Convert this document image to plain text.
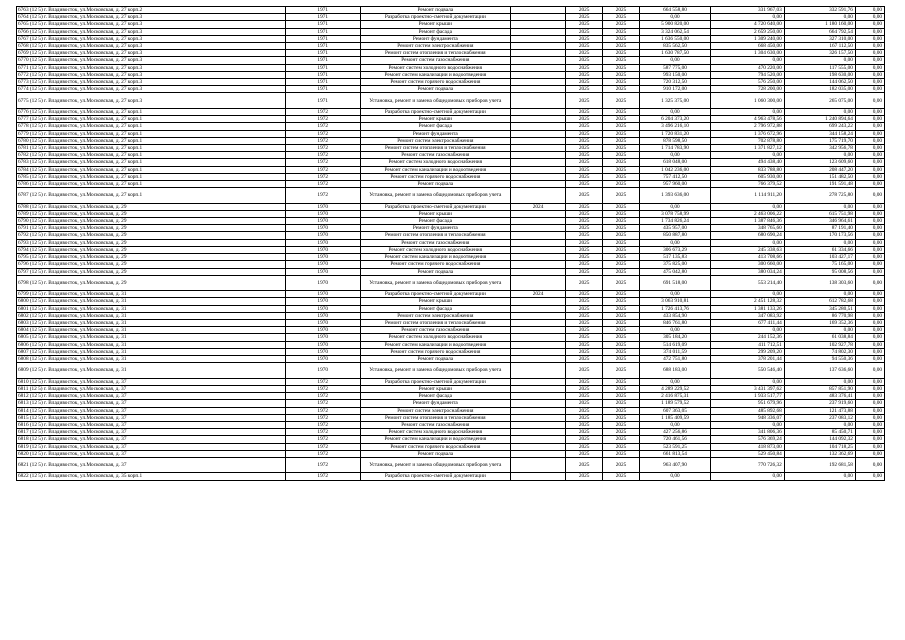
6763 (12 5) г. Владивосток, ул.Московская, д. 27 корп.2	1971	Ремонт подвала		2025	2025	664 558,80	331 967,03	332 591,76	0,00
6764 (12 5) г. Владивосток, ул.Московская, д. 27 корп.3	1971	Разработка проектно-сметной документации		2025	2025	0,00	0,00	0,00	0,00
6765 (12 5) г. Владивосток, ул.Московская, д. 27 корп.3	1971	Ремонт крыши		2025	2025	5 900 820,00	4 720 640,00	1 180 160,00	0,00
6766 (12 5) г. Владивосток, ул.Московская, д. 27 корп.3	1971	Ремонт фасада		2025	2025	3 324 062,54	2 659 250,00	664 792,54	0,00
6767 (12 5) г. Владивосток, ул.Московская, д. 27 корп.3	1971	Ремонт фундамента		2025	2025	1 636 550,00	1 309 240,00	327 310,00	0,00
6768 (12 5) г. Владивосток, ул.Московская, д. 27 корп.3	1971	Ремонт систем электроснабжения		2025	2025	835 562,50	668 450,00	167 112,50	0,00
6769 (12 5) г. Владивосток, ул.Московская, д. 27 корп.3	1971	Ремонт систем отопления и теплоснабжения		2025	2025	1 630 787,50	1 304 630,00	326 157,50	0,00
6770 (12 5) г. Владивосток, ул.Московская, д. 27 корп.3	1971	Ремонт систем газоснабжения		2025	2025	0,00	0,00	0,00	0,00
6771 (12 5) г. Владивосток, ул.Московская, д. 27 корп.3	1971	Ремонт систем холодного водоснабжения		2025	2025	587 775,00	470 220,00	117 555,00	0,00
6772 (12 5) г. Владивосток, ул.Московская, д. 27 корп.3	1971	Ремонт систем канализации и водоотведения		2025	2025	993 150,00	794 520,00	198 630,00	0,00
6773 (12 5) г. Владивосток, ул.Московская, д. 27 корп.3	1971	Ремонт систем горячего водоснабжения		2025	2025	720 312,50	576 250,00	144 062,50	0,00
6774 (12 5) г. Владивосток, ул.Московская, д. 27 корп.3	1971	Ремонт подвала		2025	2025	910 172,00	728 200,00	182 035,00	0,00
6775 (12 5) г. Владивосток, ул.Московская, д. 27 корп.3	1971	Установка, ремонт и замена общедомовых приборов учета		2025	2025	1 325 375,00	1 060 300,00	265 075,00	0,00
6776 (12 5) г. Владивосток, ул.Московская, д. 27 корп.1	1972	Разработка проектно-сметной документации		2025	2025	0,00	0,00	0,00	0,00
6777 (12 5) г. Владивосток, ул.Московская, д. 27 корп.1	1972	Ремонт крыши		2025	2025	6 204 373,20	4 963 478,56	1 240 894,64	0,00
6778 (12 5) г. Владивосток, ул.Московская, д. 27 корп.1	1972	Ремонт фасада		2025	2025	3 496 216,10	2 796 972,88	699 243,22	0,00
6779 (12 5) г. Владивосток, ул.Московская, д. 27 корп.1	1972	Ремонт фундамента		2025	2025	1 720 831,20	1 376 672,96	344 158,24	0,00
6780 (12 5) г. Владивосток, ул.Московская, д. 27 корп.1	1972	Ремонт систем электроснабжения		2025	2025	878 598,50	702 878,80	175 719,70	0,00
6781 (12 5) г. Владивосток, ул.Московская, д. 27 корп.1	1972	Ремонт систем отопления и теплоснабжения		2025	2025	1 714 783,90	1 371 827,12	342 956,78	0,00
6782 (12 5) г. Владивосток, ул.Московская, д. 27 корп.1	1972	Ремонт систем газоснабжения		2025	2025	0,00	0,00	0,00	0,00
6783 (12 5) г. Владивосток, ул.Московская, д. 27 корп.1	1972	Ремонт систем холодного водоснабжения		2025	2025	618 048,00	494 438,40	123 609,60	0,00
6784 (12 5) г. Владивосток, ул.Московская, д. 27 корп.1	1972	Ремонт систем канализации и водоотведения		2025	2025	1 042 236,00	833 788,80	208 447,20	0,00
6785 (12 5) г. Владивосток, ул.Московская, д. 27 корп.1	1972	Ремонт систем горячего водоснабжения		2025	2025	757 412,50	605 930,00	151 482,50	0,00
6786 (12 5) г. Владивосток, ул.Московская, д. 27 корп.1	1972	Ремонт подвала		2025	2025	957 960,00	766 379,52	191 591,48	0,00
6787 (12 5) г. Владивосток, ул.Московская, д. 27 корп.1	1972	Установка, ремонт и замена общедомовых приборов учета		2025	2025	1 393 636,00	1 114 911,20	278 725,80	0,00
6788 (12 5) г. Владивосток, ул.Московская, д. 29	1970	Разработка проектно-сметной документации	2024	2025	2025	0,00	0,00	0,00	0,00
6789 (12 5) г. Владивосток, ул.Московская, д. 29	1970	Ремонт крыши		2025	2025	3 078 758,99	2 463 006,22	615 751,98	0,00
6790 (12 5) г. Владивосток, ул.Московская, д. 29	1970	Ремонт фасада		2025	2025	1 734 826,24	1 387 846,36	346 964,61	0,00
6791 (12 5) г. Владивосток, ул.Московская, д. 29	1970	Ремонт фундамента		2025	2025	435 957,00	348 765,60	87 191,40	0,00
6792 (12 5) г. Владивосток, ул.Московская, д. 29	1970	Ремонт систем отопления и теплоснабжения		2025	2025	850 887,80	680 690,24	170 173,56	0,00
6793 (12 5) г. Владивосток, ул.Московская, д. 29	1970	Ремонт систем газоснабжения		2025	2025	0,00	0,00	0,00	0,00
6794 (12 5) г. Владивосток, ул.Московская, д. 29	1970	Ремонт систем холодного водоснабжения		2025	2025	306 673,29	245 338,63	61 334,66	0,00
6795 (12 5) г. Владивосток, ул.Московская, д. 29	1970	Ремонт систем канализации и водоотведения		2025	2025	517 135,83	413 708,66	103 427,17	0,00
6796 (12 5) г. Владивосток, ул.Московская, д. 29	1970	Ремонт систем горячего водоснабжения		2025	2025	375 825,00	300 660,00	75 165,00	0,00
6797 (12 5) г. Владивосток, ул.Московская, д. 29	1970	Ремонт подвала		2025	2025	475 042,80	380 034,24	95 008,56	0,00
6798 (12 5) г. Владивосток, ул.Московская, д. 29	1970	Установка, ремонт и замена общедомовых приборов учета		2025	2025	691 518,00	553 214,40	138 303,60	0,00
6799 (12 5) г. Владивосток, ул.Московская, д. 31	1970	Разработка проектно-сметной документации	2024	2025	2025	0,00	0,00	0,00	0,00
6800 (12 5) г. Владивосток, ул.Московская, д. 31	1970	Ремонт крыши		2025	2025	3 063 910,81	2 451 128,32	612 782,68	0,00
6801 (12 5) г. Владивосток, ул.Московская, д. 31	1970	Ремонт фасада		2025	2025	1 726 413,76	1 381 133,26	345 280,51	0,00
6802 (12 5) г. Владивосток, ул.Московская, д. 31	1970	Ремонт систем электроснабжения		2025	2025	433 854,90	347 083,92	86 770,98	0,00
6803 (12 5) г. Владивосток, ул.Московская, д. 31	1970	Ремонт систем отопления и теплоснабжения		2025	2025	846 761,80	677 411,44	169 352,36	0,00
6804 (12 5) г. Владивосток, ул.Московская, д. 31	1970	Ремонт систем газоснабжения		2025	2025	0,00	0,00	0,00	0,00
6805 (12 5) г. Владивосток, ул.Московская, д. 31	1970	Ремонт систем холодного водоснабжения		2025	2025	305 184,20	244 152,36	61 038,84	0,00
6806 (12 5) г. Владивосток, ул.Московская, д. 31	1970	Ремонт систем канализации и водоотведения		2025	2025	514 619,09	411 712,51	102 927,78	0,00
6807 (12 5) г. Владивосток, ул.Московская, д. 31	1970	Ремонт систем горячего водоснабжения		2025	2025	374 011,59	299 209,20	74 802,30	0,00
6808 (12 5) г. Владивосток, ул.Московская, д. 31	1970	Ремонт подвала		2025	2025	472 751,80	378 201,44	94 550,36	0,00
6809 (12 5) г. Владивосток, ул.Московская, д. 31	1970	Установка, ремонт и замена общедомовых приборов учета		2025	2025	688 183,00	550 546,40	137 636,60	0,00
6810 (12 5) г. Владивосток, ул.Московская, д. 37	1972	Разработка проектно-сметной документации		2025	2025	0,00	0,00	0,00	0,00
6811 (12 5) г. Владивосток, ул.Московская, д. 37	1972	Ремонт крыши		2025	2025	4 289 229,52	3 431 397,62	857 851,90	0,00
6812 (12 5) г. Владивосток, ул.Московская, д. 37	1972	Ремонт фасада		2025	2025	2 416 875,31	1 933 517,77	483 376,41	0,00
6813 (12 5) г. Владивосток, ул.Московская, д. 37	1972	Ремонт фундамента		2025	2025	1 189 579,52	951 679,96	237 919,60	0,00
6814 (12 5) г. Владивосток, ул.Московская, д. 37	1972	Ремонт систем электроснабжения		2025	2025	607 363,05	485 892,68	121 473,88	0,00
6815 (12 5) г. Владивосток, ул.Московская, д. 37	1972	Ремонт систем отопления и теплоснабжения		2025	2025	1 185 409,59	948 336,07	237 083,12	0,00
6816 (12 5) г. Владивосток, ул.Московская, д. 37	1972	Ремонт систем газоснабжения		2025	2025	0,00	0,00	0,00	0,00
6817 (12 5) г. Владивосток, ул.Московская, д. 37	1972	Ремонт систем холодного водоснабжения		2025	2025	427 256,86	341 806,36	85 450,71	0,00
6818 (12 5) г. Владивосток, ул.Московская, д. 37	1972	Ремонт систем канализации и водоотведения		2025	2025	720 461,56	576 369,24	144 092,32	0,00
6819 (12 5) г. Владивосток, ул.Московская, д. 37	1972	Ремонт систем горячего водоснабжения		2025	2025	523 591,25	418 873,00	104 718,25	0,00
6820 (12 5) г. Владивосток, ул.Московская, д. 37	1972	Ремонт подвала		2025	2025	661 813,54	529 450,84	132 362,69	0,00
6821 (12 5) г. Владивосток, ул.Московская, д. 37	1972	Установка, ремонт и замена общедомовых приборов учета		2025	2025	963 407,90	770 726,32	192 681,58	0,00
6822 (12 5) г. Владивосток, ул.Московская, д. 35 корп.1	1972	Разработка проектно-сметной документации		2025	2025	0,00	0,00	0,00	0,00
